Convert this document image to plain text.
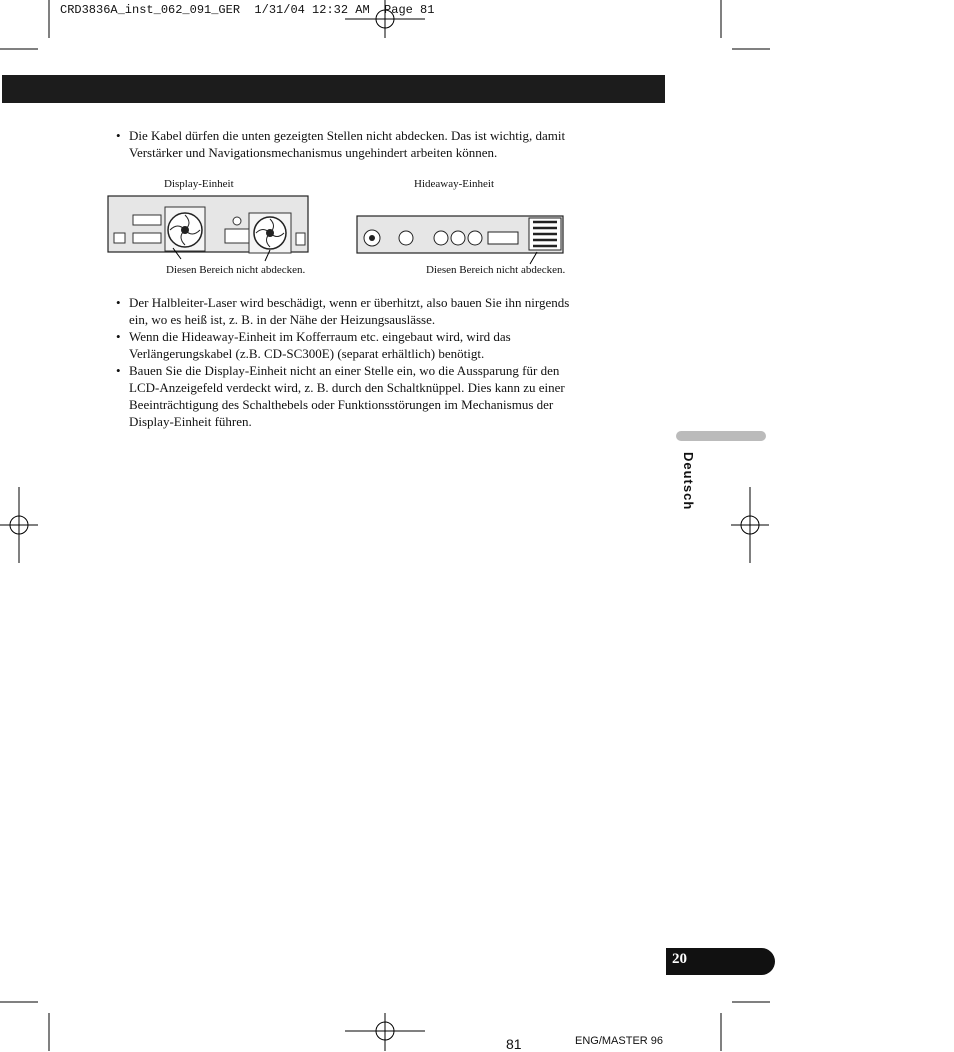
CRD3836A_inst_062_091_GER  1/31/04 12:32 AM  Page 81
• Die Kabel dürfen die unten gezeigten Stellen nicht abdecken. Das ist wichtig, damit
Verstärker und Navigationsmechanismus ungehindert arbeiten können.
Display-Einheit	Hideaway-Einheit
Diesen Bereich nicht abdecken.	Diesen Bereich nicht abdecken.
• Der Halbleiter-Laser wird beschädigt, wenn er überhitzt, also bauen Sie ihn nirgends
ein, wo es heiß ist, z. B. in der Nähe der Heizungsauslässe.
• Wenn die Hideaway-Einheit im Kofferraum etc. eingebaut wird, wird das
Verlängerungskabel (z.B. CD-SC300E) (separat erhältlich) benötigt.
• Bauen Sie die Display-Einheit nicht an einer Stelle ein, wo die Aussparung für den
LCD-Anzeigefeld verdeckt wird, z. B. durch den Schaltknüppel. Dies kann zu einer
Beeinträchtigung des Schalthebels oder Funktionsstörungen im Mechanismus der
Display-Einheit führen.
Deutsch
20
81	ENG/MASTER 96
